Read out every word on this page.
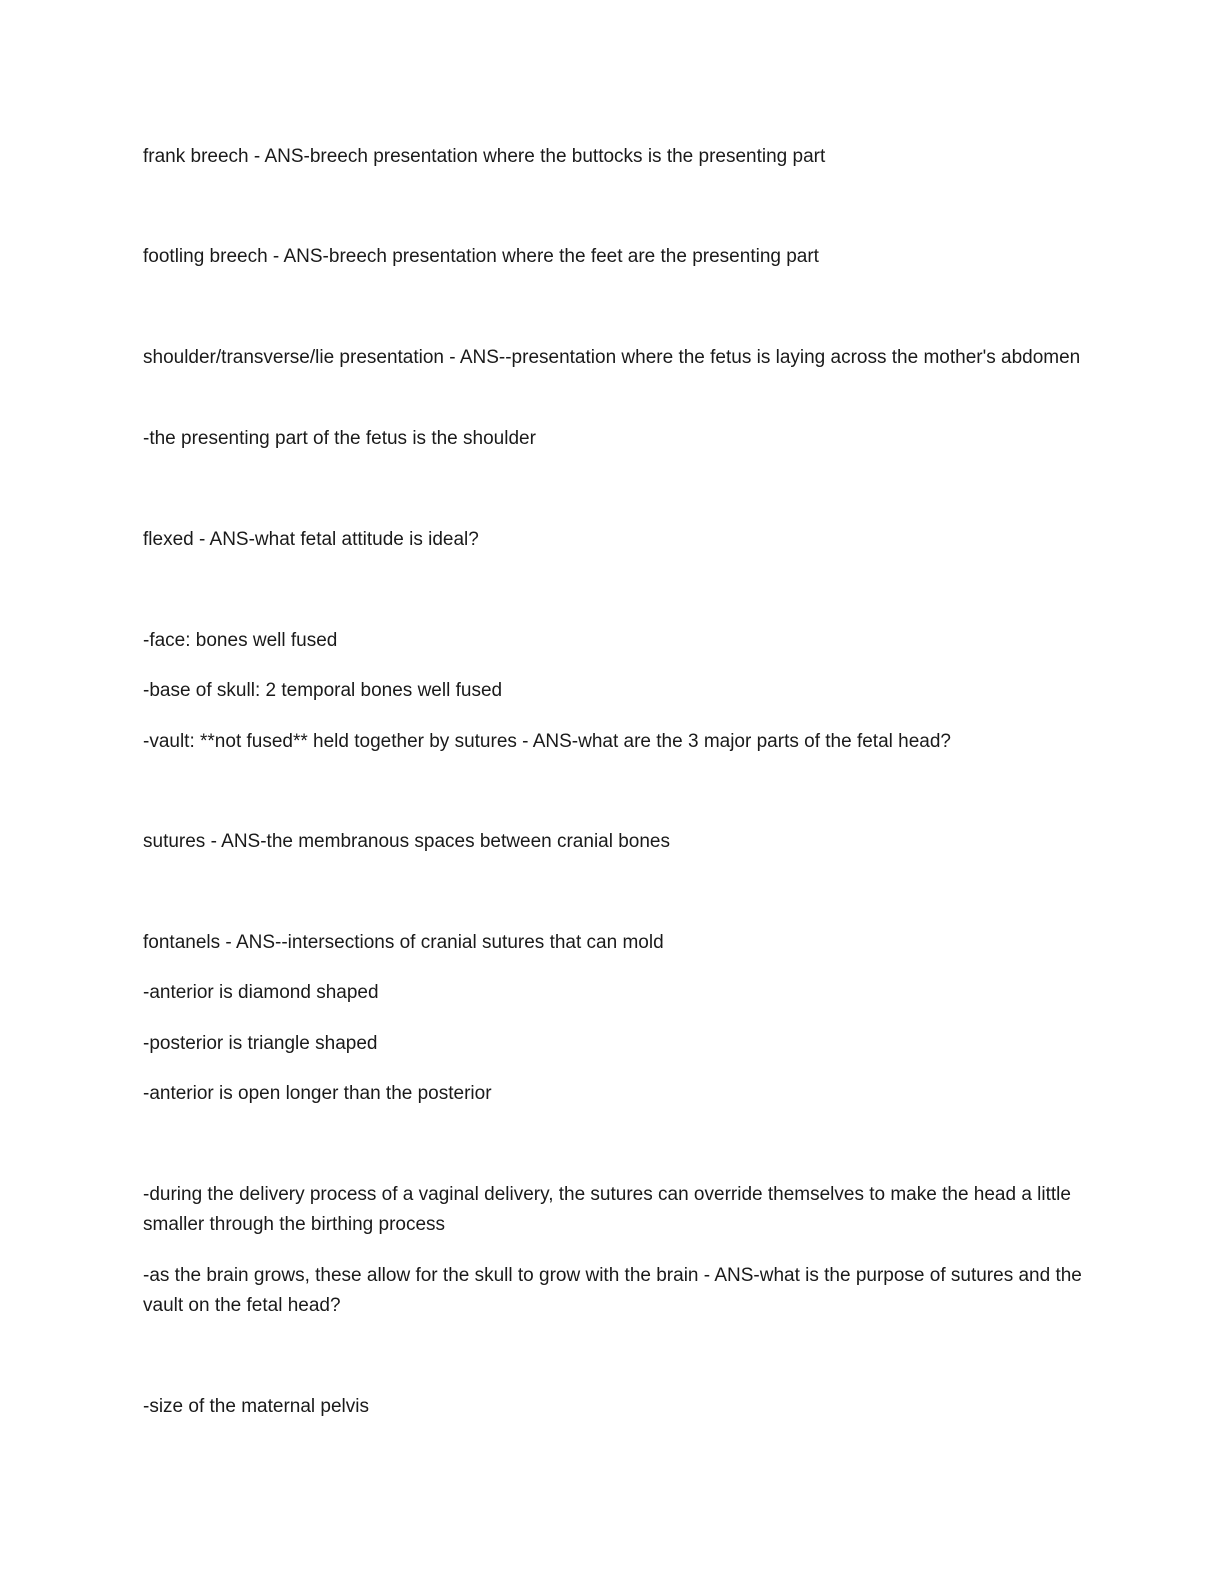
frank breech - ANS-breech presentation where the buttocks is the presenting part
footling breech - ANS-breech presentation where the feet are the presenting part
shoulder/transverse/lie presentation - ANS--presentation where the fetus is laying across the mother's abdomen
-the presenting part of the fetus is the shoulder
flexed - ANS-what fetal attitude is ideal?
-face: bones well fused
-base of skull: 2 temporal bones well fused
-vault: **not fused** held together by sutures - ANS-what are the 3 major parts of the fetal head?
sutures - ANS-the membranous spaces between cranial bones
fontanels - ANS--intersections of cranial sutures that can mold
-anterior is diamond shaped
-posterior is triangle shaped
-anterior is open longer than the posterior
-during the delivery process of a vaginal delivery, the sutures can override themselves to make the head a little smaller through the birthing process
-as the brain grows, these allow for the skull to grow with the brain - ANS-what is the purpose of sutures and the vault on the fetal head?
-size of the maternal pelvis
